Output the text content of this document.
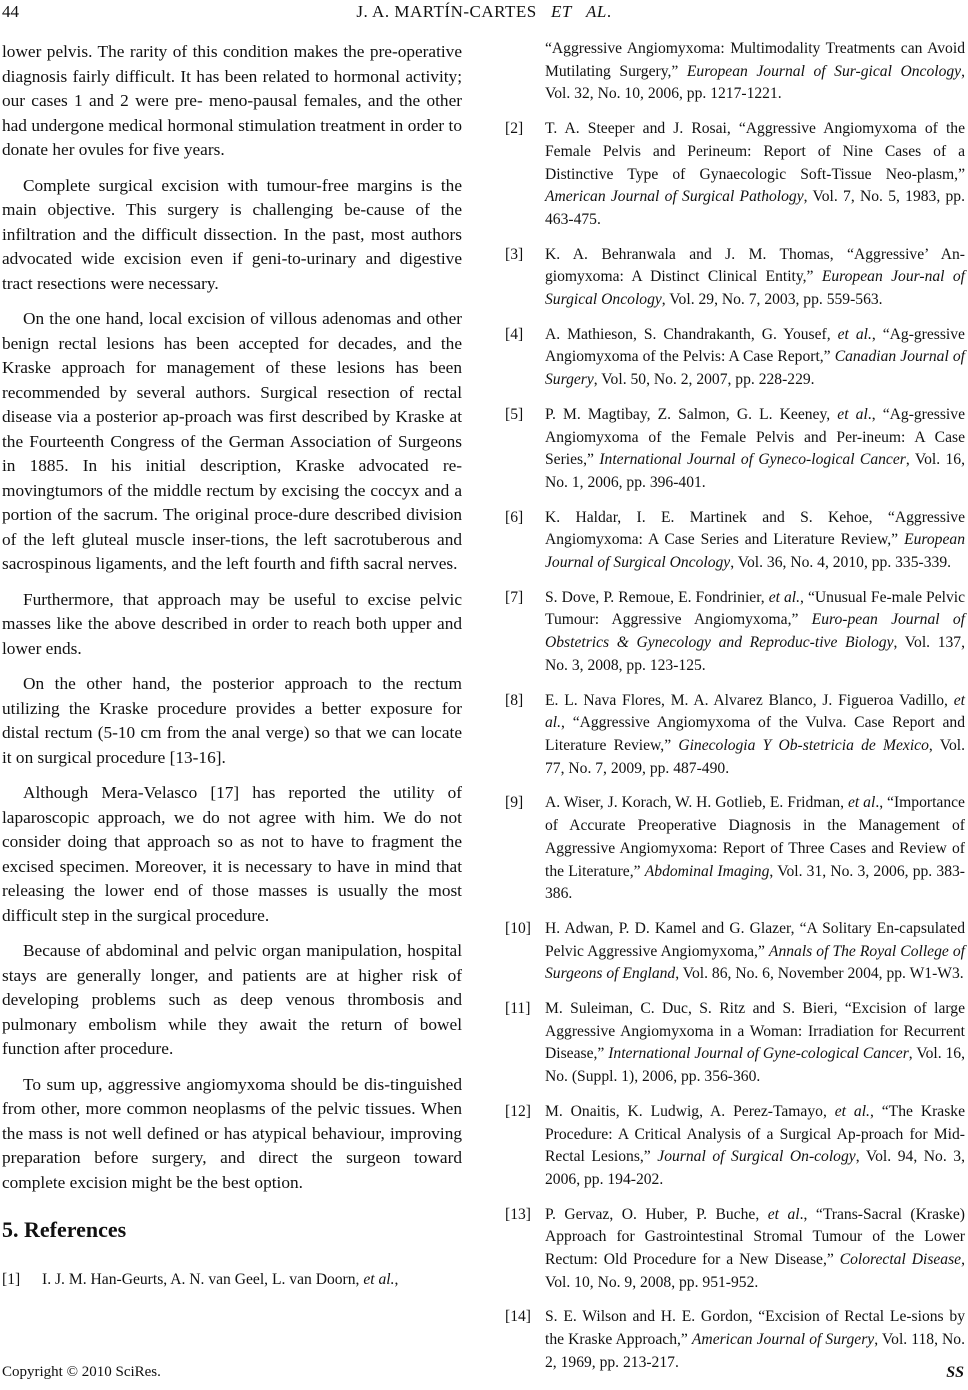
44	J. A. MARTÍN-CARTES   ET   AL.

lower pelvis. The rarity of this condition makes the pre-operative diagnosis fairly difficult. It has been related to hormonal activity; our cases 1 and 2 were pre- meno-pausal females, and the other had undergone medical hormonal stimulation treatment in order to donate her ovules for five years.

Complete surgical excision with tumour-free margins is the main objective. This surgery is challenging be-cause of the infiltration and the difficult dissection. In the past, most authors advocated wide excision even if geni-to-urinary and digestive tract resections were necessary.

On the one hand, local excision of villous adenomas and other benign rectal lesions has been accepted for decades, and the Kraske approach for management of these lesions has been recommended by several authors. Surgical resection of rectal disease via a posterior ap-proach was first described by Kraske at the Fourteenth Congress of the German Association of Surgeons in 1885. In his initial description, Kraske advocated re-movingtumors of the middle rectum by excising the coccyx and a portion of the sacrum. The original proce-dure described division of the left gluteal muscle inser-tions, the left sacrotuberous and sacrospinous ligaments, and the left fourth and fifth sacral nerves.

Furthermore, that approach may be useful to excise pelvic masses like the above described in order to reach both upper and lower ends.

On the other hand, the posterior approach to the rectum utilizing the Kraske procedure provides a better exposure for distal rectum (5-10 cm from the anal verge) so that we can locate it on surgical procedure [13-16].

Although Mera-Velasco [17] has reported the utility of laparoscopic approach, we do not agree with him. We do not consider doing that approach so as not to have to fragment the excised specimen. Moreover, it is necessary to have in mind that releasing the lower end of those masses is usually the most difficult step in the surgical procedure.

Because of abdominal and pelvic organ manipulation, hospital stays are generally longer, and patients are at higher risk of developing problems such as deep venous thrombosis and pulmonary embolism while they await the return of bowel function after procedure.

To sum up, aggressive angiomyxoma should be dis-tinguished from other, more common neoplasms of the pelvic tissues. When the mass is not well defined or has atypical behaviour, improving preparation before surgery, and direct the surgeon toward complete excision might be the best option.

5. References
[1] I. J. M. Han-Geurts, A. N. van Geel, L. van Doorn, et al.,
“Aggressive Angiomyxoma: Multimodality Treatments can Avoid Mutilating Surgery,” European Journal of Sur-gical Oncology, Vol. 32, No. 10, 2006, pp. 1217-1221.
[2] T. A. Steeper and J. Rosai, “Aggressive Angiomyxoma of the Female Pelvis and Perineum: Report of Nine Cases of a Distinctive Type of Gynaecologic Soft-Tissue Neo-plasm,” American Journal of Surgical Pathology, Vol. 7, No. 5, 1983, pp. 463-475.
[3] K. A. Behranwala and J. M. Thomas, “Aggressive’ An-giomyxoma: A Distinct Clinical Entity,” European Jour-nal of Surgical Oncology, Vol. 29, No. 7, 2003, pp. 559-563.
[4] A. Mathieson, S. Chandrakanth, G. Yousef, et al., “Ag-gressive Angiomyxoma of the Pelvis: A Case Report,” Canadian Journal of Surgery, Vol. 50, No. 2, 2007, pp. 228-229.
[5] P. M. Magtibay, Z. Salmon, G. L. Keeney, et al., “Ag-gressive Angiomyxoma of the Female Pelvis and Per-ineum: A Case Series,” International Journal of Gyneco-logical Cancer, Vol. 16, No. 1, 2006, pp. 396-401.
[6] K. Haldar, I. E. Martinek and S. Kehoe, “Aggressive Angiomyxoma: A Case Series and Literature Review,” European Journal of Surgical Oncology, Vol. 36, No. 4, 2010, pp. 335-339.
[7] S. Dove, P. Remoue, E. Fondrinier, et al., “Unusual Fe-male Pelvic Tumour: Aggressive Angiomyxoma,” Euro-pean Journal of Obstetrics & Gynecology and Reproduc-tive Biology, Vol. 137, No. 3, 2008, pp. 123-125.
[8] E. L. Nava Flores, M. A. Alvarez Blanco, J. Figueroa Vadillo, et al., “Aggressive Angiomyxoma of the Vulva. Case Report and Literature Review,” Ginecologia Y Ob-stetricia de Mexico, Vol. 77, No. 7, 2009, pp. 487-490.
[9] A. Wiser, J. Korach, W. H. Gotlieb, E. Fridman, et al., “Importance of Accurate Preoperative Diagnosis in the Management of Aggressive Angiomyxoma: Report of Three Cases and Review of the Literature,” Abdominal Imaging, Vol. 31, No. 3, 2006, pp. 383-386.
[10] H. Adwan, P. D. Kamel and G. Glazer, “A Solitary En-capsulated Pelvic Aggressive Angiomyxoma,” Annals of The Royal College of Surgeons of England, Vol. 86, No. 6, November 2004, pp. W1-W3.
[11] M. Suleiman, C. Duc, S. Ritz and S. Bieri, “Excision of large Aggressive Angiomyxoma in a Woman: Irradiation for Recurrent Disease,” International Journal of Gyne-cological Cancer, Vol. 16, No. (Suppl. 1), 2006, pp. 356-360.
[12] M. Onaitis, K. Ludwig, A. Perez-Tamayo, et al., “The Kraske Procedure: A Critical Analysis of a Surgical Ap-proach for Mid-Rectal Lesions,” Journal of Surgical On-cology, Vol. 94, No. 3, 2006, pp. 194-202.
[13] P. Gervaz, O. Huber, P. Buche, et al., “Trans-Sacral (Kraske) Approach for Gastrointestinal Stromal Tumour of the Lower Rectum: Old Procedure for a New Disease,” Colorectal Disease, Vol. 10, No. 9, 2008, pp. 951-952.
[14] S. E. Wilson and H. E. Gordon, “Excision of Rectal Le-sions by the Kraske Approach,” American Journal of Surgery, Vol. 118, No. 2, 1969, pp. 213-217.
Copyright © 2010 SciRes.	SS
